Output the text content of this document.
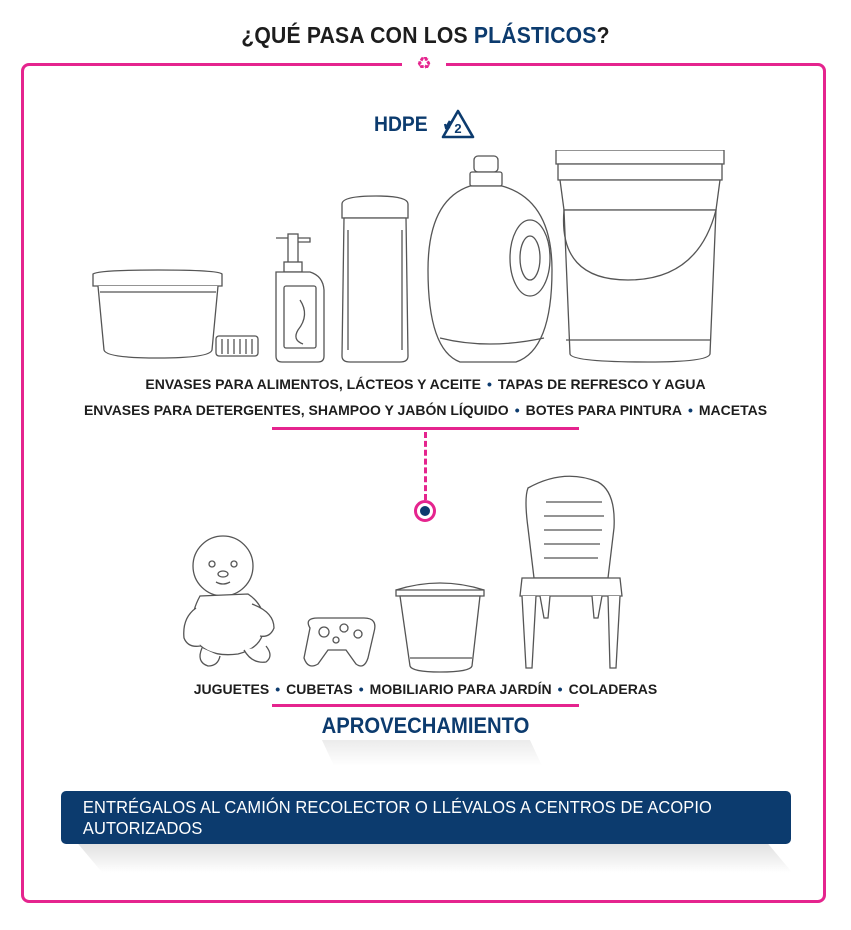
¿QUÉ PASA CON LOS PLÁSTICOS?
♻
HDPE 2
ENVASES PARA ALIMENTOS, LÁCTEOS Y ACEITE • TAPAS DE REFRESCO Y AGUA
ENVASES PARA DETERGENTES, SHAMPOO Y JABÓN LÍQUIDO • BOTES PARA PINTURA • MACETAS
JUGUETES • CUBETAS • MOBILIARIO PARA JARDÍN • COLADERAS
APROVECHAMIENTO
ENTRÉGALOS AL CAMIÓN RECOLECTOR O LLÉVALOS A CENTROS DE ACOPIO AUTORIZADOS
